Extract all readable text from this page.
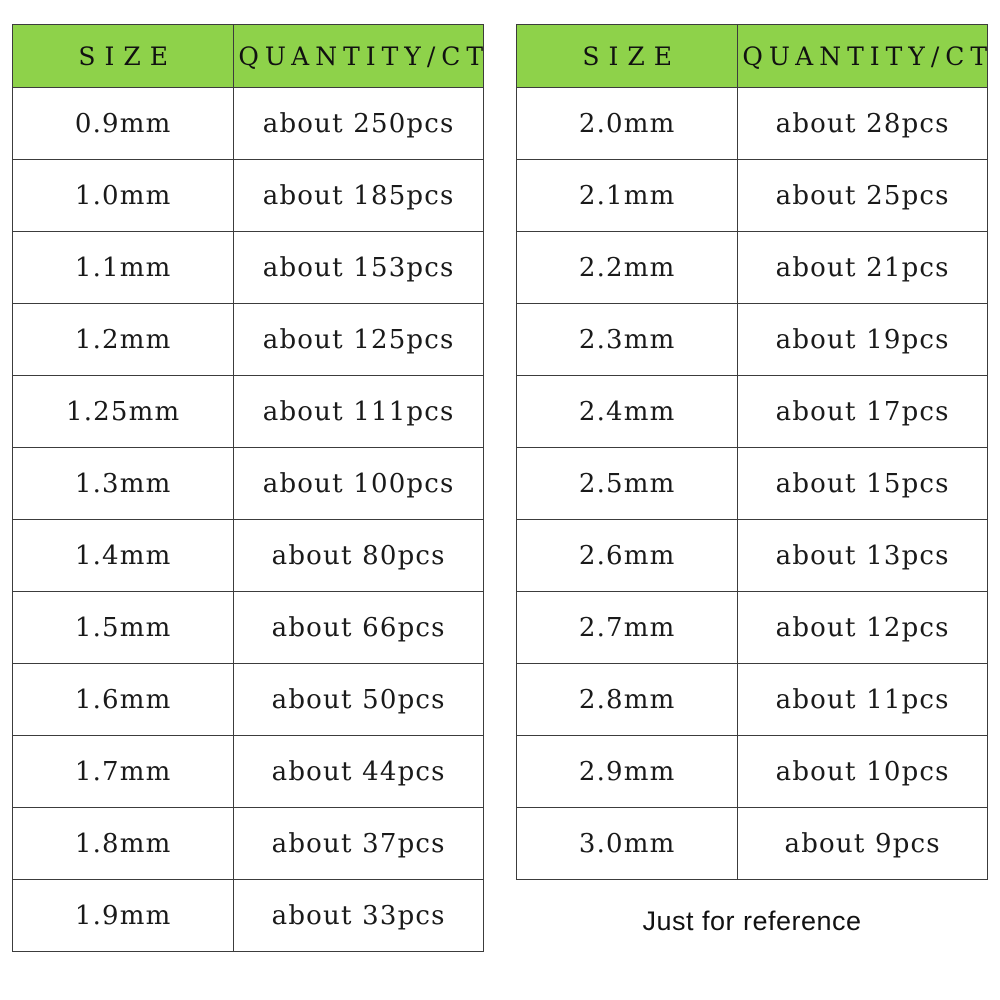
SIZE	QUANTITY/CT
0.9mm	about 250pcs
1.0mm	about 185pcs
1.1mm	about 153pcs
1.2mm	about 125pcs
1.25mm	about 111pcs
1.3mm	about 100pcs
1.4mm	about 80pcs
1.5mm	about 66pcs
1.6mm	about 50pcs
1.7mm	about 44pcs
1.8mm	about 37pcs
1.9mm	about 33pcs
SIZE	QUANTITY/CT
2.0mm	about 28pcs
2.1mm	about 25pcs
2.2mm	about 21pcs
2.3mm	about 19pcs
2.4mm	about 17pcs
2.5mm	about 15pcs
2.6mm	about 13pcs
2.7mm	about 12pcs
2.8mm	about 11pcs
2.9mm	about 10pcs
3.0mm	about 9pcs
Just for reference
